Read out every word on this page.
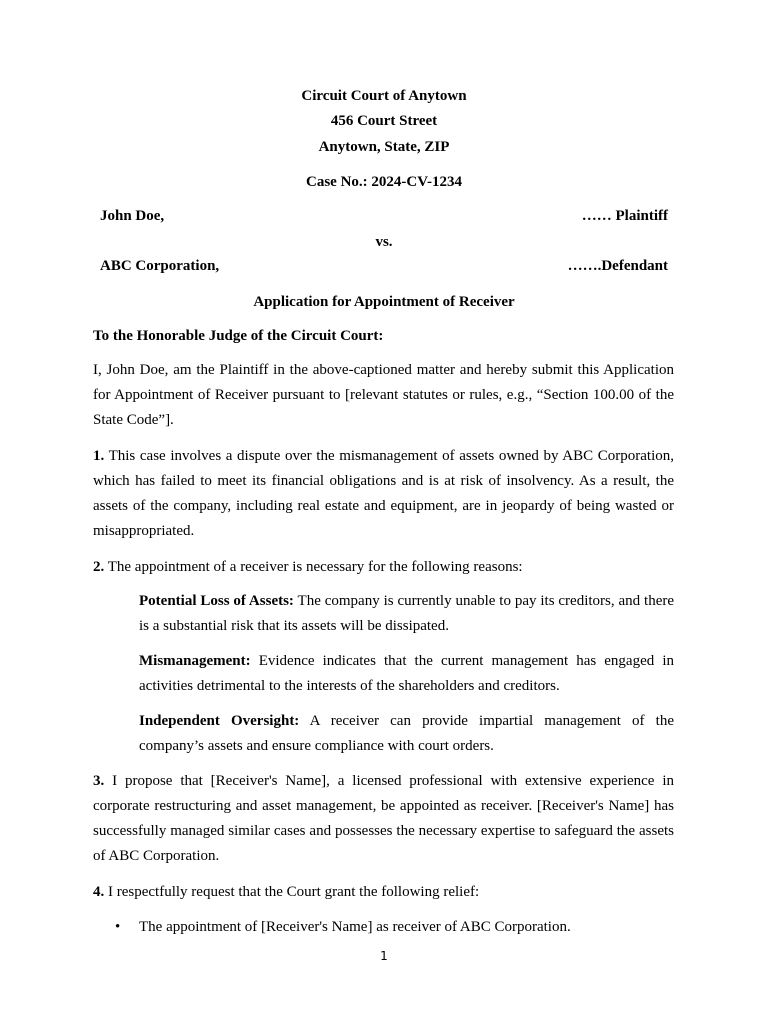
Circuit Court of Anytown
456 Court Street
Anytown, State, ZIP
Case No.: 2024-CV-1234
John Doe,	…… Plaintiff
vs.
ABC Corporation,	…….Defendant
Application for Appointment of Receiver
To the Honorable Judge of the Circuit Court:
I, John Doe, am the Plaintiff in the above-captioned matter and hereby submit this Application for Appointment of Receiver pursuant to [relevant statutes or rules, e.g., “Section 100.00 of the State Code”].
1. This case involves a dispute over the mismanagement of assets owned by ABC Corporation, which has failed to meet its financial obligations and is at risk of insolvency. As a result, the assets of the company, including real estate and equipment, are in jeopardy of being wasted or misappropriated.
2. The appointment of a receiver is necessary for the following reasons:
Potential Loss of Assets: The company is currently unable to pay its creditors, and there is a substantial risk that its assets will be dissipated.
Mismanagement: Evidence indicates that the current management has engaged in activities detrimental to the interests of the shareholders and creditors.
Independent Oversight: A receiver can provide impartial management of the company’s assets and ensure compliance with court orders.
3. I propose that [Receiver's Name], a licensed professional with extensive experience in corporate restructuring and asset management, be appointed as receiver. [Receiver's Name] has successfully managed similar cases and possesses the necessary expertise to safeguard the assets of ABC Corporation.
4. I respectfully request that the Court grant the following relief:
• The appointment of [Receiver's Name] as receiver of ABC Corporation.
1
